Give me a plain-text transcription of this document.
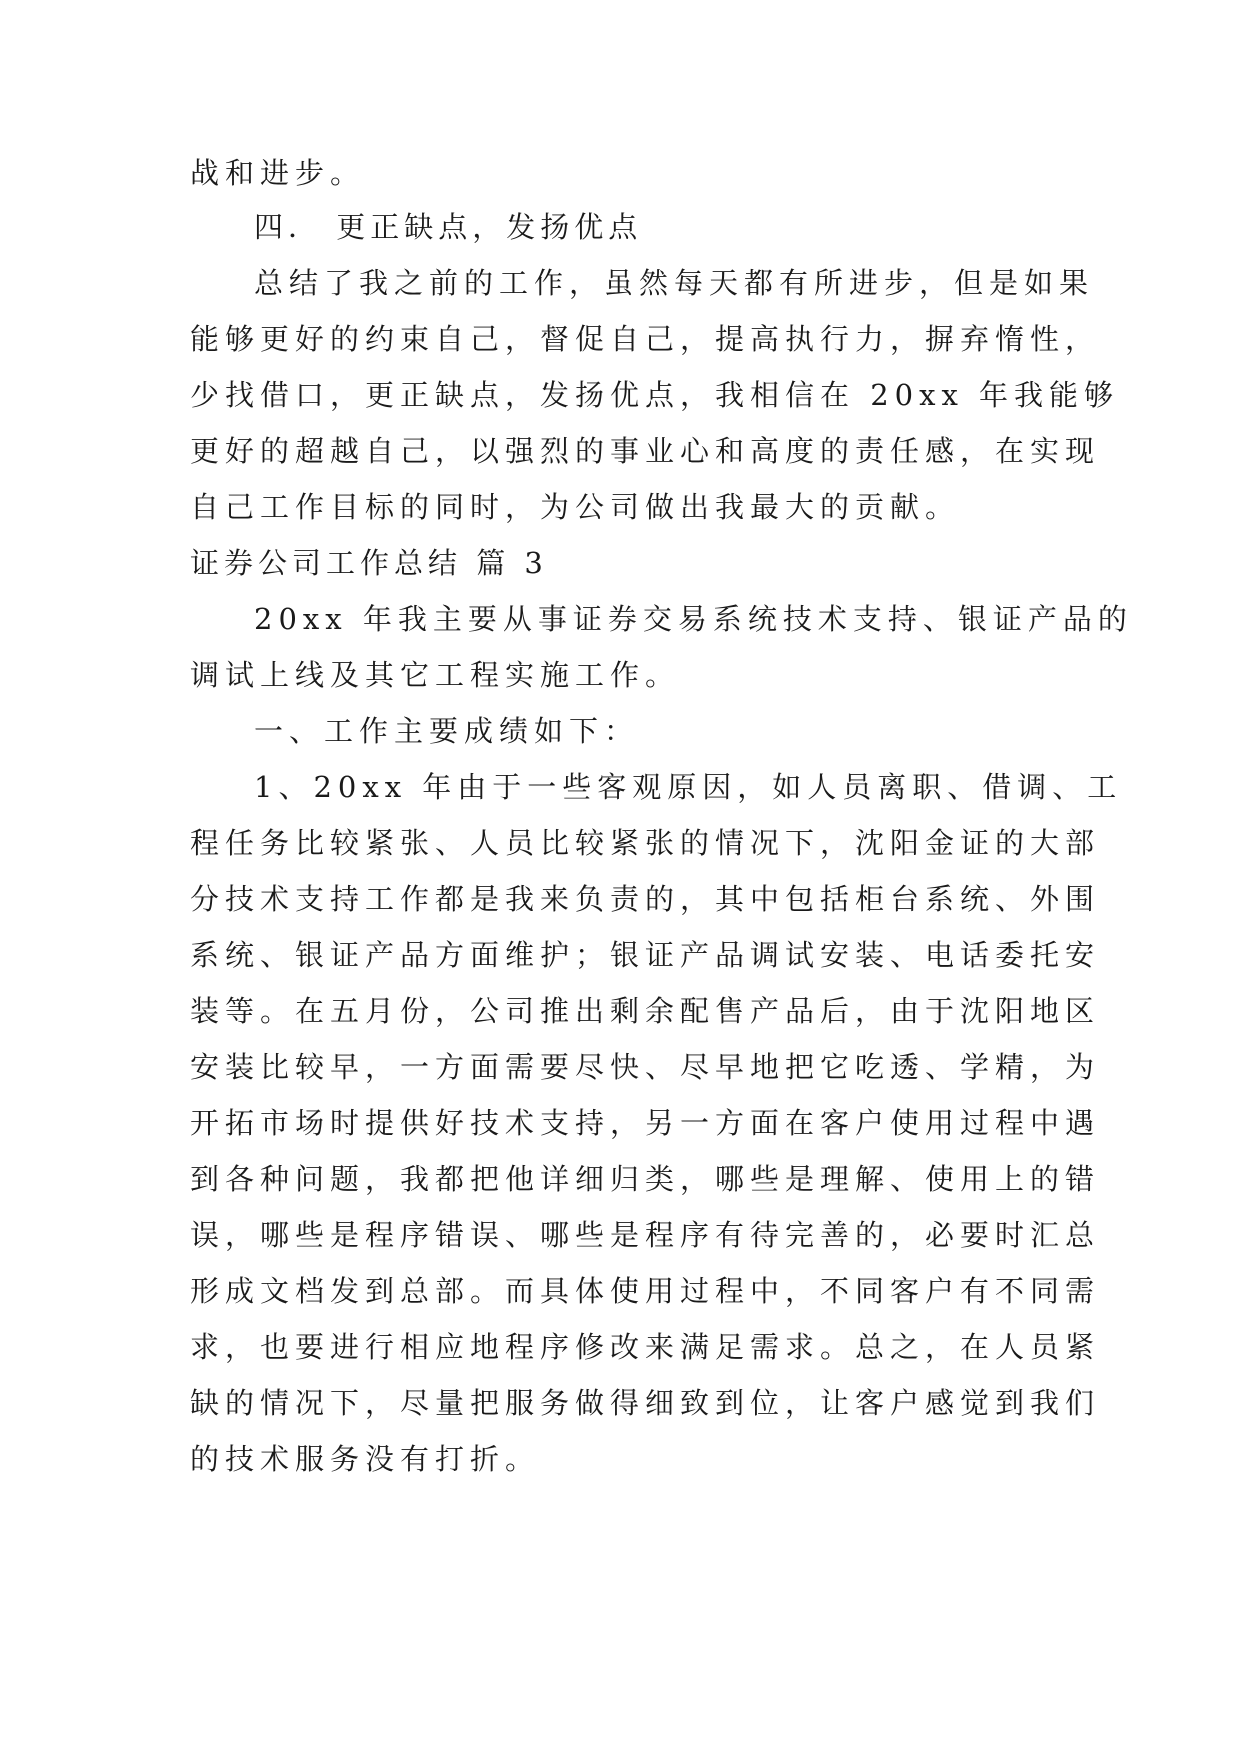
战和进步。
四． 更正缺点，发扬优点
总结了我之前的工作，虽然每天都有所进步，但是如果
能够更好的约束自己，督促自己，提高执行力，摒弃惰性，
少找借口，更正缺点，发扬优点，我相信在 20xx 年我能够
更好的超越自己，以强烈的事业心和高度的责任感，在实现
自己工作目标的同时，为公司做出我最大的贡献。
证券公司工作总结 篇 3
20xx 年我主要从事证券交易系统技术支持、银证产品的
调试上线及其它工程实施工作。
一、工作主要成绩如下：
1、20xx 年由于一些客观原因，如人员离职、借调、工
程任务比较紧张、人员比较紧张的情况下，沈阳金证的大部
分技术支持工作都是我来负责的，其中包括柜台系统、外围
系统、银证产品方面维护；银证产品调试安装、电话委托安
装等。在五月份，公司推出剩余配售产品后，由于沈阳地区
安装比较早，一方面需要尽快、尽早地把它吃透、学精，为
开拓市场时提供好技术支持，另一方面在客户使用过程中遇
到各种问题，我都把他详细归类，哪些是理解、使用上的错
误，哪些是程序错误、哪些是程序有待完善的，必要时汇总
形成文档发到总部。而具体使用过程中，不同客户有不同需
求，也要进行相应地程序修改来满足需求。总之，在人员紧
缺的情况下，尽量把服务做得细致到位，让客户感觉到我们
的技术服务没有打折。
